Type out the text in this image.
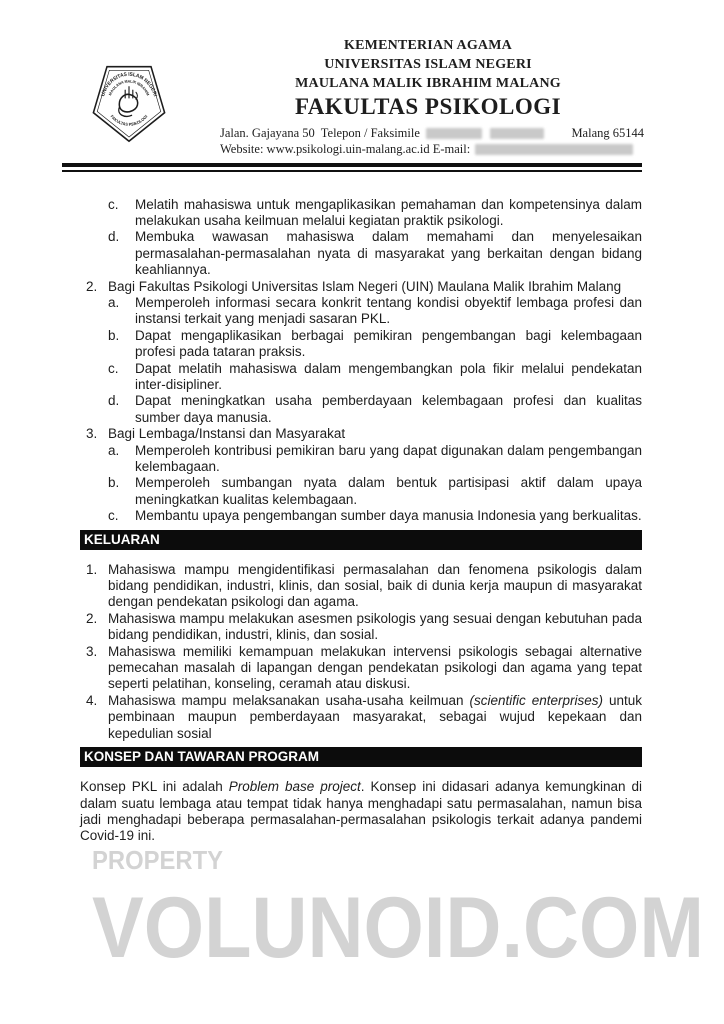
UNIVERSITAS ISLAM NEGERI
MAULANA MALIK IBRAHIM
FAKULTAS PSIKOLOGI
KEMENTERIAN AGAMA
UNIVERSITAS ISLAM NEGERI
MAULANA MALIK IBRAHIM MALANG
FAKULTAS PSIKOLOGI
Jalan. Gajayana 50  Telepon / Faksimile	Malang 65144
Website: www.psikologi.uin-malang.ac.id E-mail:
c.	Melatih mahasiswa untuk mengaplikasikan pemahaman dan kompetensinya dalam melakukan usaha keilmuan melalui kegiatan praktik psikologi.
d.	Membuka wawasan mahasiswa dalam memahami dan menyelesaikan permasalahan-permasalahan nyata di masyarakat yang berkaitan dengan bidang keahliannya.
2. Bagi Fakultas Psikologi Universitas Islam Negeri (UIN) Maulana Malik Ibrahim Malang
a.	Memperoleh informasi secara konkrit tentang kondisi obyektif lembaga profesi dan instansi terkait yang menjadi sasaran PKL.
b.	Dapat mengaplikasikan berbagai pemikiran pengembangan bagi kelembagaan profesi pada tataran praksis.
c.	Dapat melatih mahasiswa dalam mengembangkan pola fikir melalui pendekatan inter-disipliner.
d.	Dapat meningkatkan usaha pemberdayaan kelembagaan profesi dan kualitas sumber daya manusia.
3. Bagi Lembaga/Instansi dan Masyarakat
a.	Memperoleh kontribusi pemikiran baru yang dapat digunakan dalam pengembangan kelembagaan.
b.	Memperoleh sumbangan nyata dalam bentuk partisipasi aktif dalam upaya meningkatkan kualitas kelembagaan.
c.	Membantu upaya pengembangan sumber daya manusia Indonesia yang berkualitas.
KELUARAN
1. Mahasiswa mampu mengidentifikasi permasalahan dan fenomena psikologis dalam bidang pendidikan, industri, klinis, dan sosial, baik di dunia kerja maupun di masyarakat dengan pendekatan psikologi dan agama.
2. Mahasiswa mampu melakukan asesmen psikologis yang sesuai dengan kebutuhan pada bidang pendidikan, industri, klinis, dan sosial.
3. Mahasiswa memiliki kemampuan melakukan intervensi psikologis sebagai alternative pemecahan masalah di lapangan dengan pendekatan psikologi dan agama yang tepat seperti pelatihan, konseling, ceramah atau diskusi.
4. Mahasiswa mampu melaksanakan usaha-usaha keilmuan (scientific enterprises) untuk pembinaan maupun pemberdayaan masyarakat, sebagai wujud kepekaan dan kepedulian sosial
KONSEP DAN TAWARAN PROGRAM
Konsep PKL ini adalah Problem base project. Konsep ini didasari adanya kemungkinan di dalam suatu lembaga atau tempat tidak hanya menghadapi satu permasalahan, namun bisa jadi menghadapi beberapa permasalahan-permasalahan psikologis terkait adanya pandemi Covid-19 ini.
PROPERTY
VOLUNOID.COM
